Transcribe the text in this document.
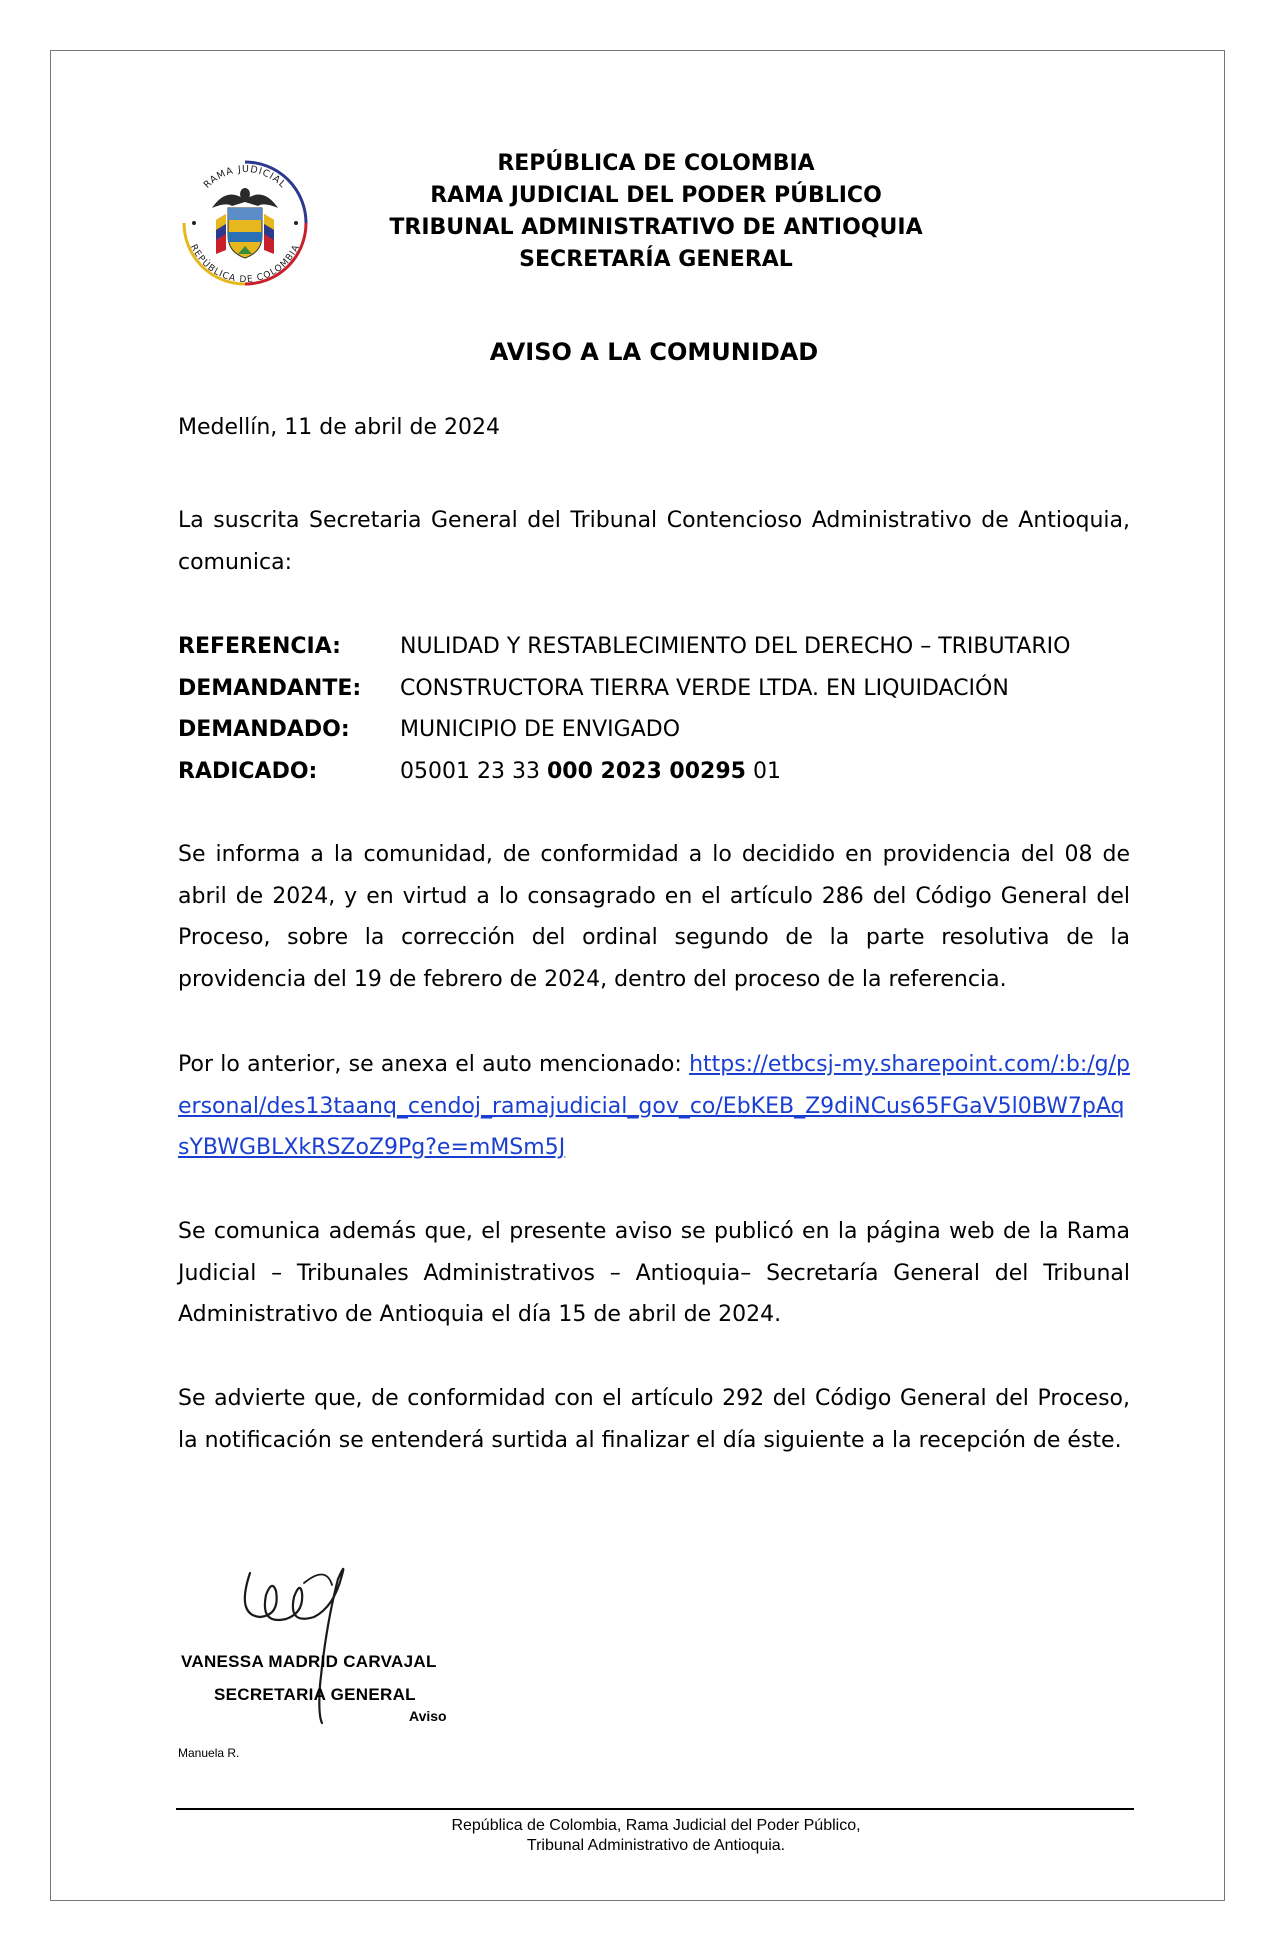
RAMA JUDICIAL
REPÚBLICA DE COLOMBIA
REPÚBLICA DE COLOMBIA
RAMA JUDICIAL DEL PODER PÚBLICO
TRIBUNAL ADMINISTRATIVO DE ANTIOQUIA
SECRETARÍA GENERAL
AVISO A LA COMUNIDAD
Medellín, 11 de abril de 2024
La suscrita Secretaria General del Tribunal Contencioso Administrativo de Antioquia, comunica:
REFERENCIA:	NULIDAD Y RESTABLECIMIENTO DEL DERECHO – TRIBUTARIO
DEMANDANTE: CONSTRUCTORA TIERRA VERDE LTDA. EN LIQUIDACIÓN
DEMANDADO: MUNICIPIO DE ENVIGADO
RADICADO:	05001 23 33 000 2023 00295 01
Se informa a la comunidad, de conformidad a lo decidido en providencia del 08 de abril de 2024, y en virtud a lo consagrado en el artículo 286 del Código General del Proceso, sobre la corrección del ordinal segundo de la parte resolutiva de la providencia del 19 de febrero de 2024, dentro del proceso de la referencia.
Por lo anterior, se anexa el auto mencionado: https://etbcsj-my.sharepoint.com/:b:/g/personal/des13taanq_cendoj_ramajudicial_gov_co/EbKEB_Z9diNCus65FGaV5l0BW7pAqsYBWGBLXkRSZoZ9Pg?e=mMSm5J
Se comunica además que, el presente aviso se publicó en la página web de la Rama Judicial – Tribunales Administrativos – Antioquia– Secretaría General del Tribunal Administrativo de Antioquia el día 15 de abril de 2024.
Se advierte que, de conformidad con el artículo 292 del Código General del Proceso, la notificación se entenderá surtida al finalizar el día siguiente a la recepción de éste.
VANESSA MADRID CARVAJAL
SECRETARIA GENERAL
Aviso
Manuela R.
República de Colombia, Rama Judicial del Poder Público,
Tribunal Administrativo de Antioquia.
